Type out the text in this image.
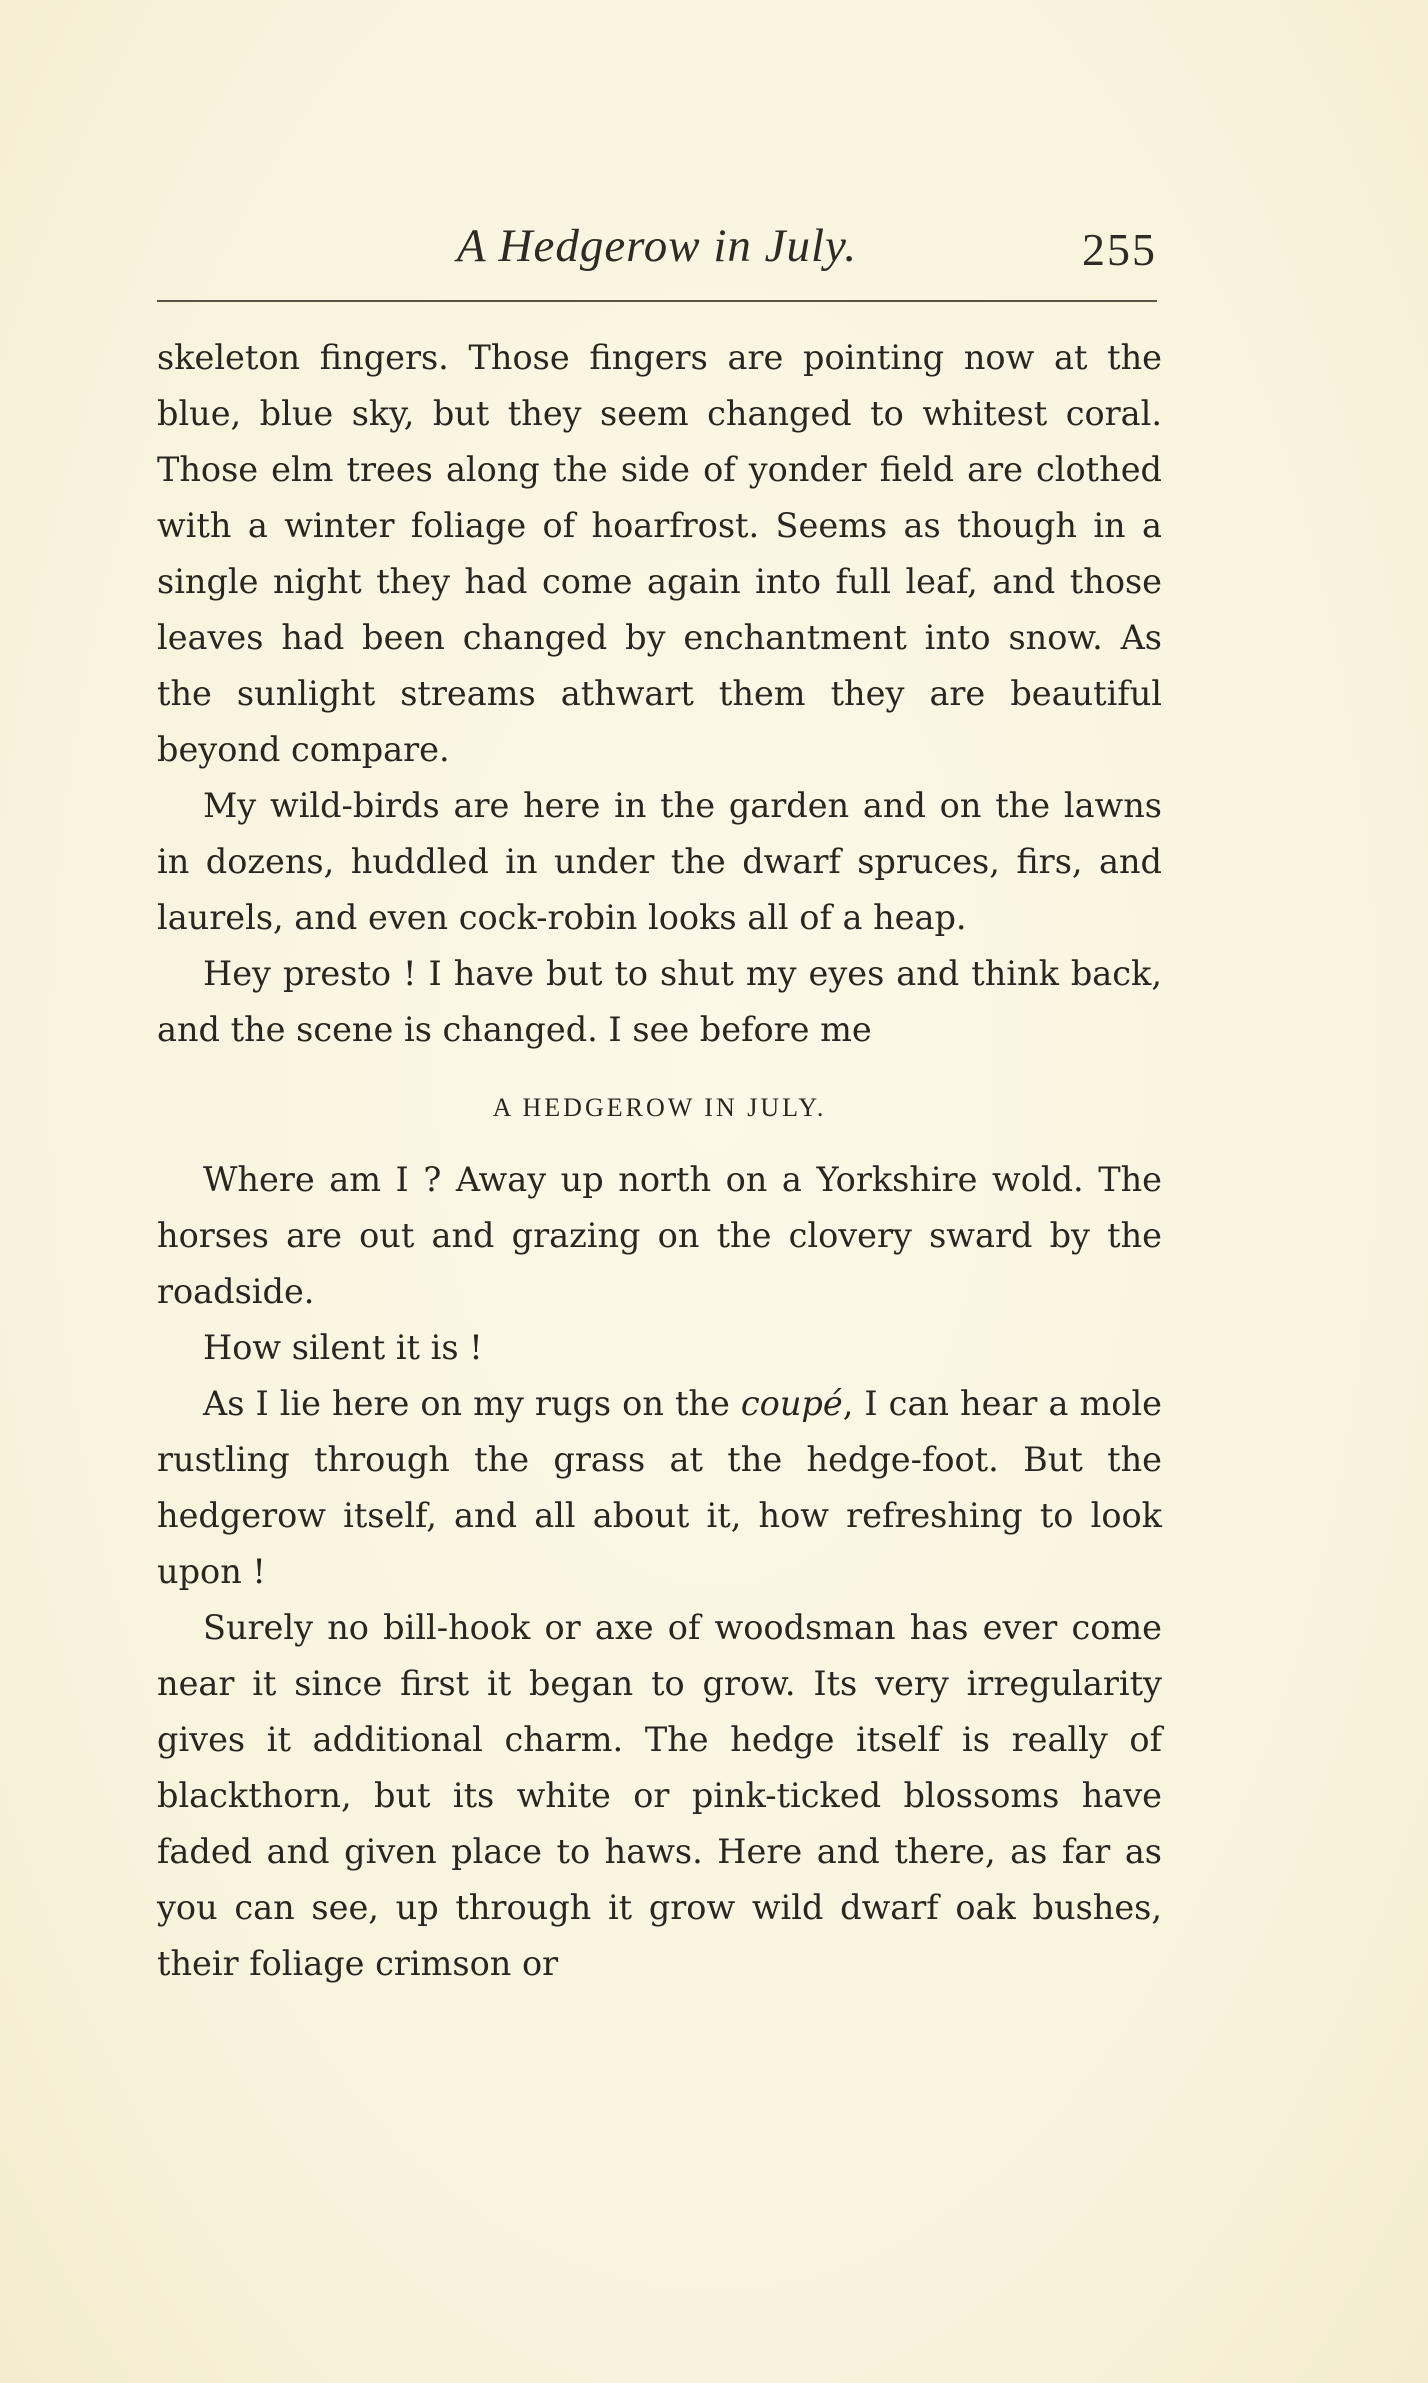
A Hedgerow in July.	255

skeleton fingers. Those fingers are pointing now at the blue, blue sky, but they seem changed to whitest coral. Those elm trees along the side of yonder field are clothed with a winter foliage of hoarfrost. Seems as though in a single night they had come again into full leaf, and those leaves had been changed by enchantment into snow. As the sunlight streams athwart them they are beautiful beyond compare.

My wild-birds are here in the garden and on the lawns in dozens, huddled in under the dwarf spruces, firs, and laurels, and even cock-robin looks all of a heap.

Hey presto ! I have but to shut my eyes and think back, and the scene is changed. I see before me

A HEDGEROW IN JULY.

Where am I ? Away up north on a Yorkshire wold. The horses are out and grazing on the clovery sward by the roadside.

How silent it is !

As I lie here on my rugs on the coupé, I can hear a mole rustling through the grass at the hedge-foot. But the hedgerow itself, and all about it, how refreshing to look upon !

Surely no bill-hook or axe of woodsman has ever come near it since first it began to grow. Its very irregularity gives it additional charm. The hedge itself is really of blackthorn, but its white or pink-ticked blossoms have faded and given place to haws. Here and there, as far as you can see, up through it grow wild dwarf oak bushes, their foliage crimson or
